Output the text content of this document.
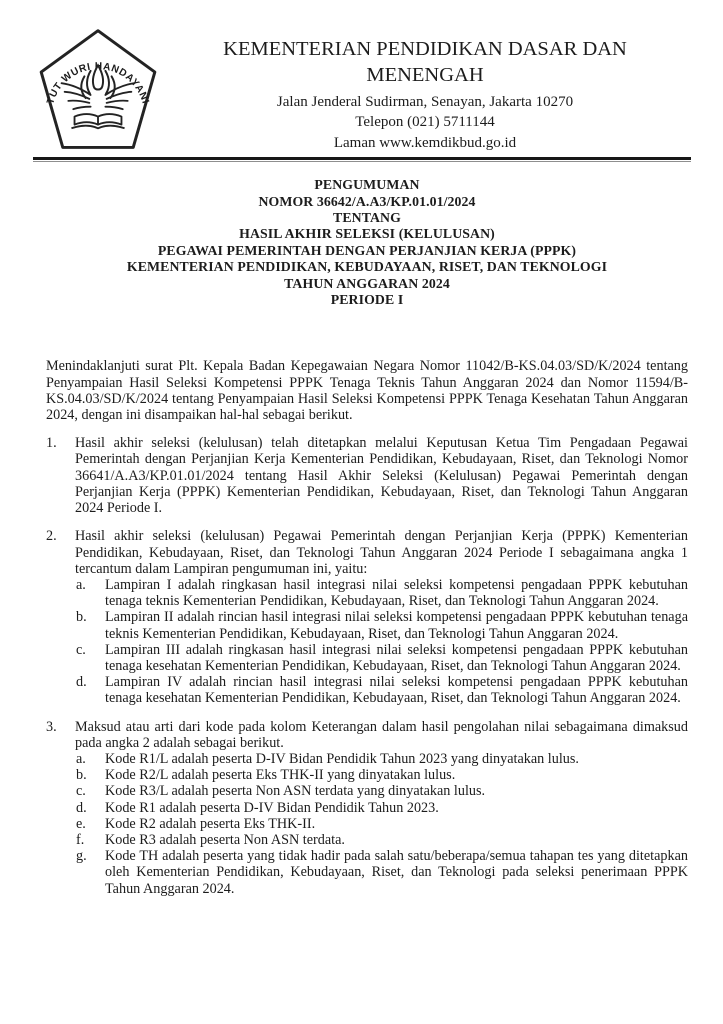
TUT WURI HANDAYANI
KEMENTERIAN PENDIDIKAN DASAR DAN MENENGAH
Jalan Jenderal Sudirman, Senayan, Jakarta 10270
Telepon (021) 5711144
Laman www.kemdikbud.go.id
PENGUMUMAN
NOMOR 36642/A.A3/KP.01.01/2024
TENTANG
HASIL AKHIR SELEKSI (KELULUSAN)
PEGAWAI PEMERINTAH DENGAN PERJANJIAN KERJA (PPPK)
KEMENTERIAN PENDIDIKAN, KEBUDAYAAN, RISET, DAN TEKNOLOGI
TAHUN ANGGARAN 2024
PERIODE I

Menindaklanjuti surat Plt. Kepala Badan Kepegawaian Negara Nomor 11042/B-KS.04.03/SD/K/2024 tentang Penyampaian Hasil Seleksi Kompetensi PPPK Tenaga Teknis Tahun Anggaran 2024 dan Nomor 11594/B-KS.04.03/SD/K/2024 tentang Penyampaian Hasil Seleksi Kompetensi PPPK Tenaga Kesehatan Tahun Anggaran 2024, dengan ini disampaikan hal-hal sebagai berikut.

1.	Hasil akhir seleksi (kelulusan) telah ditetapkan melalui Keputusan Ketua Tim Pengadaan Pegawai Pemerintah dengan Perjanjian Kerja Kementerian Pendidikan, Kebudayaan, Riset, dan Teknologi Nomor 36641/A.A3/KP.01.01/2024 tentang Hasil Akhir Seleksi (Kelulusan) Pegawai Pemerintah dengan Perjanjian Kerja (PPPK) Kementerian Pendidikan, Kebudayaan, Riset, dan Teknologi Tahun Anggaran 2024 Periode I.
2.	Hasil akhir seleksi (kelulusan) Pegawai Pemerintah dengan Perjanjian Kerja (PPPK) Kementerian Pendidikan, Kebudayaan, Riset, dan Teknologi Tahun Anggaran 2024 Periode I sebagaimana angka 1 tercantum dalam Lampiran pengumuman ini, yaitu:
a.	Lampiran I adalah ringkasan hasil integrasi nilai seleksi kompetensi pengadaan PPPK kebutuhan tenaga teknis Kementerian Pendidikan, Kebudayaan, Riset, dan Teknologi Tahun Anggaran 2024.
b.	Lampiran II adalah rincian hasil integrasi nilai seleksi kompetensi pengadaan PPPK kebutuhan tenaga teknis Kementerian Pendidikan, Kebudayaan, Riset, dan Teknologi Tahun Anggaran 2024.
c.	Lampiran III adalah ringkasan hasil integrasi nilai seleksi kompetensi pengadaan PPPK kebutuhan tenaga kesehatan Kementerian Pendidikan, Kebudayaan, Riset, dan Teknologi Tahun Anggaran 2024.
d.	Lampiran IV adalah rincian hasil integrasi nilai seleksi kompetensi pengadaan PPPK kebutuhan tenaga kesehatan Kementerian Pendidikan, Kebudayaan, Riset, dan Teknologi Tahun Anggaran 2024.
3.	Maksud atau arti dari kode pada kolom Keterangan dalam hasil pengolahan nilai sebagaimana dimaksud pada angka 2 adalah sebagai berikut.
a.	Kode R1/L adalah peserta D-IV Bidan Pendidik Tahun 2023 yang dinyatakan lulus.
b.	Kode R2/L adalah peserta Eks THK-II yang dinyatakan lulus.
c.	Kode R3/L adalah peserta Non ASN terdata yang dinyatakan lulus.
d.	Kode R1 adalah peserta D-IV Bidan Pendidik Tahun 2023.
e.	Kode R2 adalah peserta Eks THK-II.
f.	Kode R3 adalah peserta Non ASN terdata.
g.	Kode TH adalah peserta yang tidak hadir pada salah satu/beberapa/semua tahapan tes yang ditetapkan oleh Kementerian Pendidikan, Kebudayaan, Riset, dan Teknologi pada seleksi penerimaan PPPK Tahun Anggaran 2024.
